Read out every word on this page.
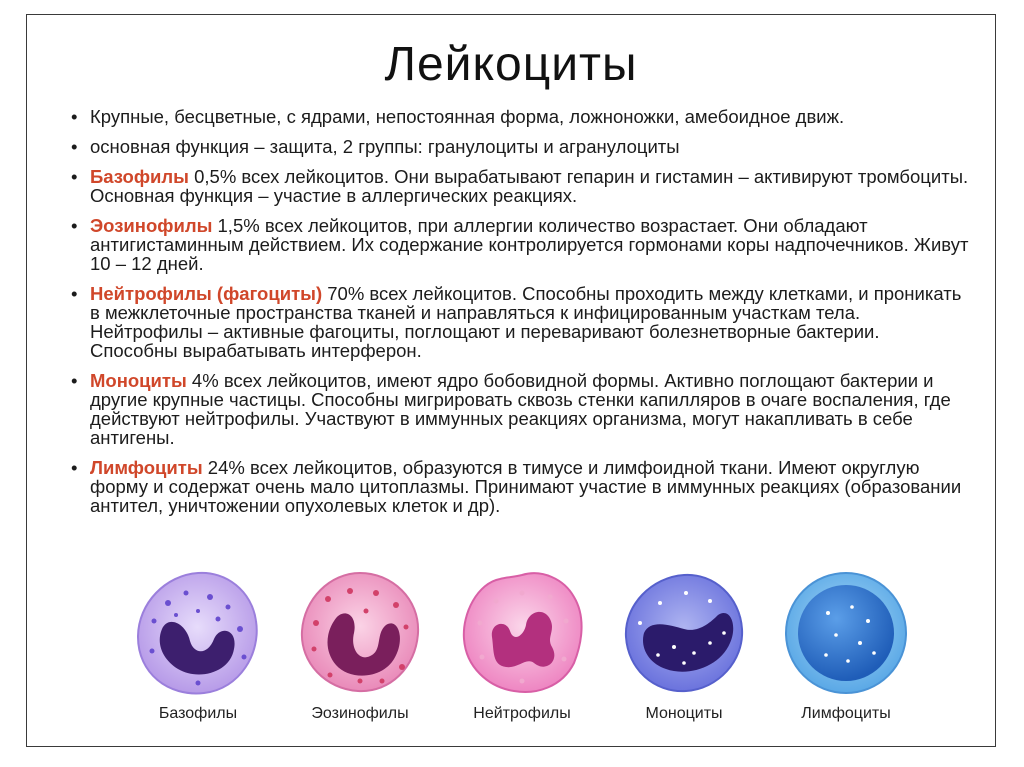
Лейкоциты
• Крупные, бесцветные, с ядрами, непостоянная форма, ложноножки, амебоидное движ.
• основная функция – защита, 2 группы: гранулоциты и агранулоциты
• Базофилы 0,5% всех лейкоцитов. Они вырабатывают гепарин и гистамин – активируют тромбоциты. Основная функция – участие в аллергических реакциях.
• Эозинофилы 1,5% всех лейкоцитов, при аллергии количество возрастает. Они обладают антигистаминным действием. Их содержание контролируется гормонами коры надпочечников. Живут 10 – 12 дней.
• Нейтрофилы (фагоциты) 70% всех лейкоцитов. Способны проходить между клетками, и проникать в межклеточные пространства тканей и направляться к инфицированным участкам тела. Нейтрофилы – активные фагоциты, поглощают и переваривают болезнетворные бактерии. Способны вырабатывать интерферон.
• Моноциты 4% всех лейкоцитов, имеют ядро бобовидной формы. Активно поглощают бактерии и другие крупные частицы. Способны мигрировать сквозь стенки капилляров в очаге воспаления, где действуют нейтрофилы. Участвуют в иммунных реакциях организма, могут накапливать в себе антигены.
• Лимфоциты 24% всех лейкоцитов, образуются в тимусе и лимфоидной ткани. Имеют округлую форму и содержат очень мало цитоплазмы. Принимают участие в иммунных реакциях (образовании антител, уничтожении опухолевых клеток и др).
Базофилы	Эозинофилы	Нейтрофилы	Моноциты	Лимфоциты
